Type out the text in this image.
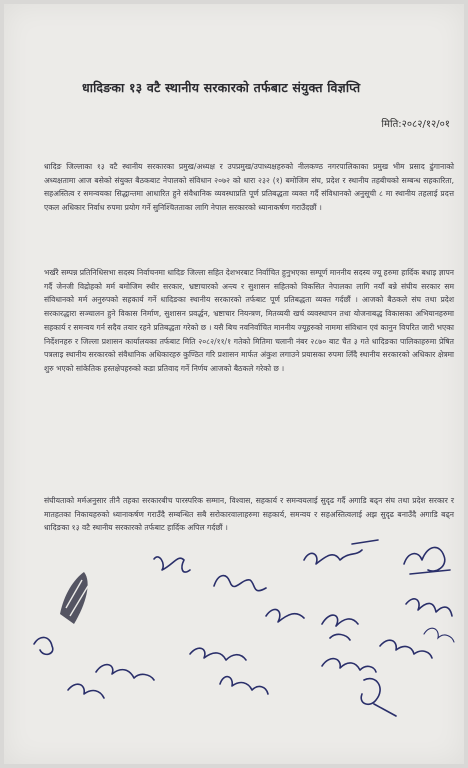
धादिङका १३ वटै स्थानीय सरकारको तर्फबाट संयुक्त विज्ञप्ति
मिति:२०८२/१२/०१

धादिङ जिल्लाका १३ वटै स्थानीय सरकारका प्रमुख/अध्यक्ष र उपप्रमुख/उपाध्यक्षहरुको नीलकण्ठ नगरपालिकाका प्रमुख भीम प्रसाद ढुंगानाको अध्यक्षतामा आज बसेको संयुक्त बैठकबाट नेपालको संविधान २०७२ को धारा २३२ (१) बमोजिम संघ, प्रदेश र स्थानीय तहबीचको सम्बन्ध सहकारिता, सहअस्तित्व र समन्वयका सिद्धान्तमा आधारित हुने संवैधानिक व्यवस्थाप्रति पूर्ण प्रतिबद्धता व्यक्त गर्दै संविधानको अनुसूची ८ मा स्थानीय तहलाई प्रदत्त एकल अधिकार निर्वाध रुपमा प्रयोग गर्ने सुनिश्चितताका लागि नेपाल सरकारको ध्यानाकर्षण गराउँदछौं ।

भर्खरै सम्पन्न प्रतिनिधिसभा सदस्य निर्वाचनमा धादिङ जिल्ला सहित देशभरबाट निर्वाचित हुनुभएका सम्पूर्ण माननीय सदस्य ज्यू हरुमा हार्दिक बधाइ ज्ञापन गर्दै जेनजी विद्रोहको मर्म बमोजिम स्थीर सरकार, भ्रष्टाचारको अन्त्य र सुशासन सहितको विकसित नेपालका लागि नयाँ बन्ने संघीय सरकार सम संविधानको मर्म अनुरुपको सहकार्य गर्ने धादिङका स्थानीय सरकारको तर्फबाट पूर्ण प्रतिबद्धता व्यक्त गर्दछौं । आजको बैठकले संघ तथा प्रदेश सरकारद्धारा सञ्चालन हुने विकास निर्माण, सुशासन प्रवर्द्धन, भ्रष्टाचार नियन्त्रण, मितव्ययी खर्च व्यवस्थापन तथा योजनाबद्ध विकासका अभियानहरुमा सहकार्य र समन्वय गर्न सदैव तयार रहने प्रतिबद्धता गरेको छ । यसै बिच नवनिर्वाचित माननीय ज्यूहरुको नाममा संविधान एवं कानुन विपरित जारी भएका निर्देशनहरु र जिल्ला प्रशासन कार्यालयका तर्फबाट मिति २०८२/११/१ गतेको मितिमा चलानी नंबर २८७० बाट चैत ३ गते धादिङका पालिकाहरुमा प्रेषित पत्रलाइ स्थानीय सरकारको संवैधानिक अधिकारहरु कुण्ठित गरि प्रशासन मार्फत अंकुश लगाउने प्रयासका रुपमा लिँदै स्थानीय सरकारको अधिकार क्षेत्रमा शुरु भएको सांकेतिक हस्तक्षेपहरुको कडा प्रतिवाद गर्ने निर्णय आजको बैठकले गरेको छ ।

संघीयताको मर्मअनुसार तीनै तहका सरकारबीच पारस्परिक सम्मान, विश्वास, सहकार्य र समन्वयलाई सुदृढ गर्दै अगाडि बढ्न संघ तथा प्रदेश सरकार र मातहतका निकायहरुको ध्यानाकर्षण गराउँदै सम्बन्धित सबै सरोकारवालाहरुमा सहकार्य, समन्वय र सहअस्तित्वलाई अझ सुदृढ बनाउँदै अगाडि बढ्न धादिङका १३ वटै स्थानीय सरकारको तर्फबाट हार्दिक अपिल गर्दछौं ।
